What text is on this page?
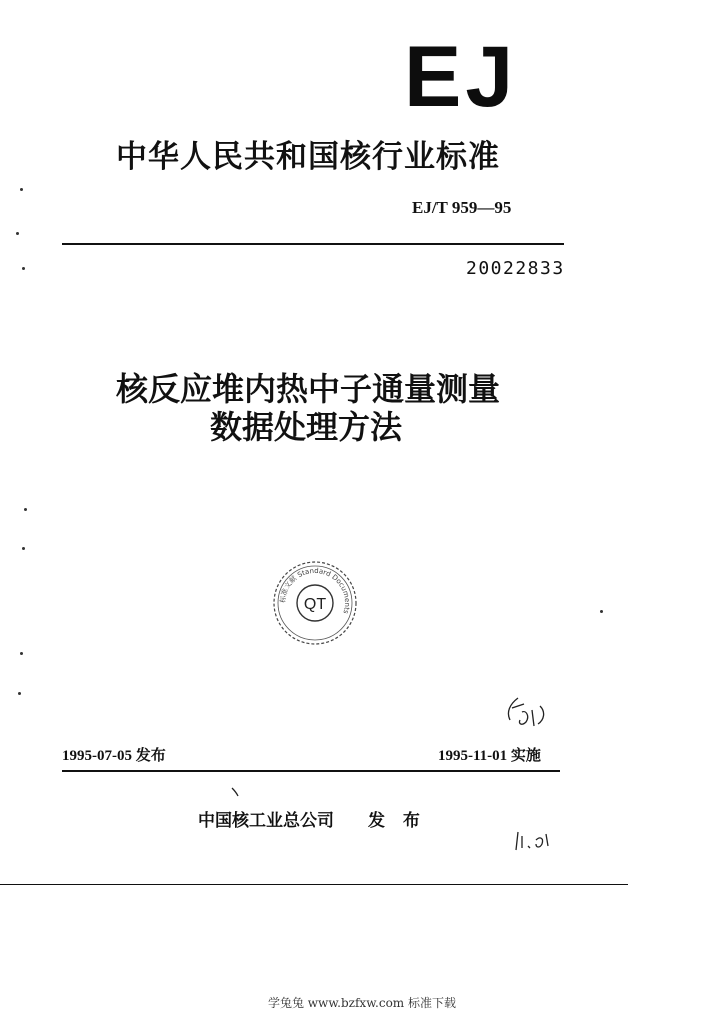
EJ
中华人民共和国核行业标准
EJ/T 959—95
20022833
核反应堆内热中子通量测量
数据处理方法
标准文献 Standard Documents
QT
1995-07-05 发布	1995-11-01 实施
中国核工业总公司 发 布
学兔兔 www.bzfxw.com 标准下载
